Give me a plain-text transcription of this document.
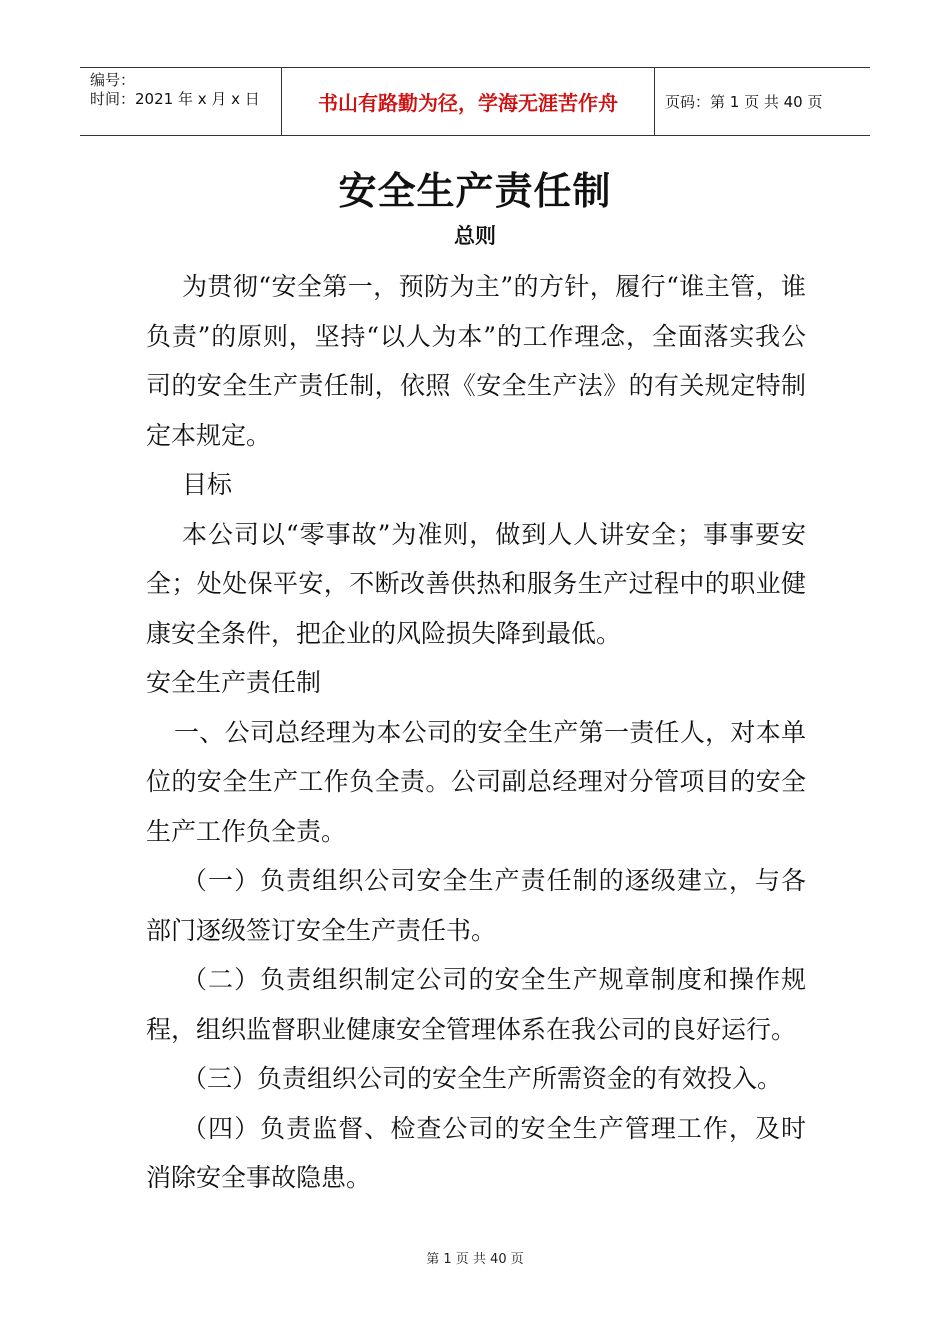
编号：
时间：2021 年 x 月 x 日	书山有路勤为径，学海无涯苦作舟	页码：第 1 页 共 40 页
安全生产责任制
总则

为贯彻“安全第一，预防为主”的方针，履行“谁主管，谁负责”的原则，坚持“以人为本”的工作理念，全面落实我公司的安全生产责任制，依照《安全生产法》的有关规定特制定本规定。

目标

本公司以“零事故”为准则，做到人人讲安全；事事要安全；处处保平安，不断改善供热和服务生产过程中的职业健康安全条件，把企业的风险损失降到最低。

安全生产责任制

一、公司总经理为本公司的安全生产第一责任人，对本单位的安全生产工作负全责。公司副总经理对分管项目的安全生产工作负全责。

（一）负责组织公司安全生产责任制的逐级建立，与各部门逐级签订安全生产责任书。

（二）负责组织制定公司的安全生产规章制度和操作规程，组织监督职业健康安全管理体系在我公司的良好运行。

（三）负责组织公司的安全生产所需资金的有效投入。

（四）负责监督、检查公司的安全生产管理工作，及时消除安全事故隐患。

第 1 页 共 40 页
